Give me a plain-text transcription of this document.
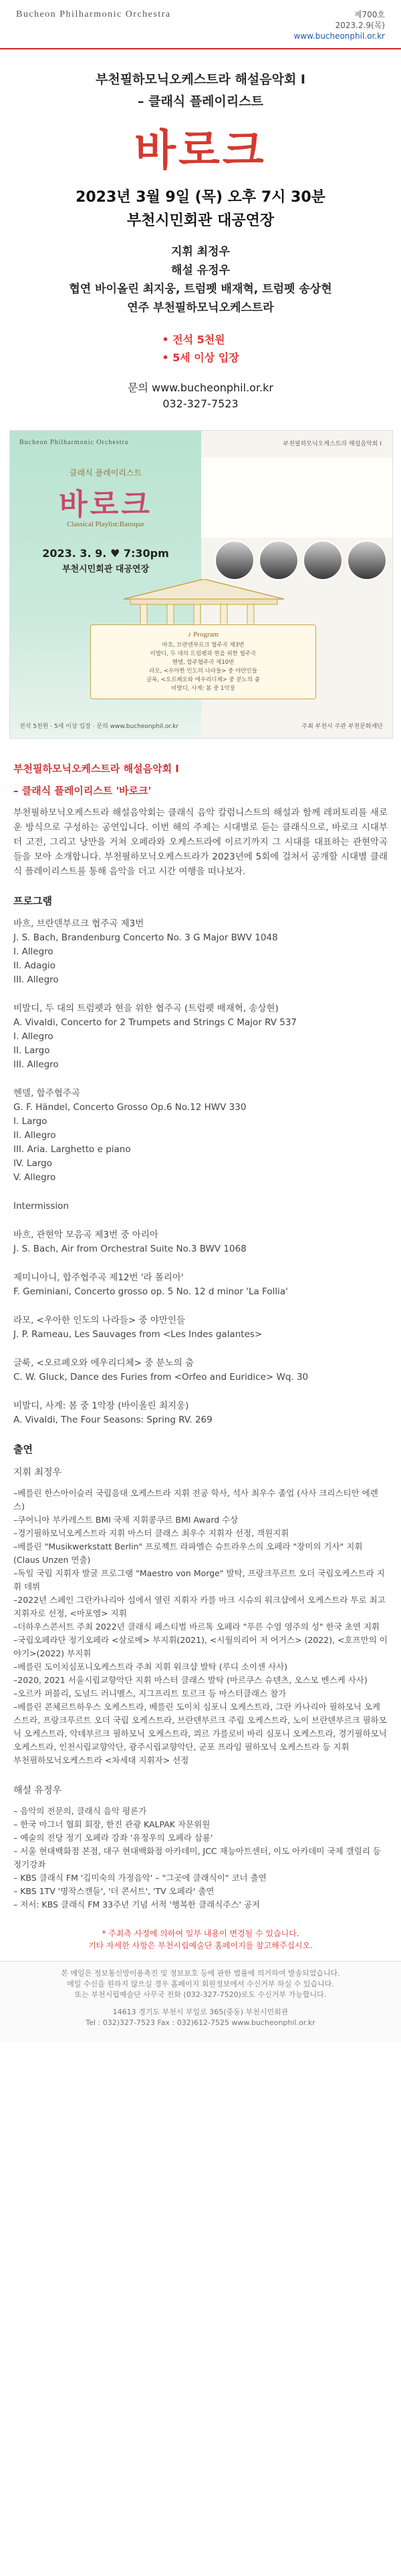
Bucheon Philharmonic Orchestra	제700호
2023.2.9(목)
www.bucheonphil.or.kr
부천필하모닉오케스트라 해설음악회 I
– 클래식 플레이리스트
바로크
2023년 3월 9일 (목) 오후 7시 30분
부천시민회관 대공연장
지휘 최정우
해설 유정우
협연 바이올린 최지웅, 트럼펫 배재혁, 트럼펫 송상현
연주 부천필하모닉오케스트라
• 전석 5천원
• 5세 이상 입장
문의 www.bucheonphil.or.kr
032-327-7523
Bucheon Philharmonic Orchestra	부천필하모닉오케스트라 해설음악회 I
클래식 플레이리스트
바로크
Classical Playlist:Baroque
2023. 3. 9. ♥ 7:30pm
부천시민회관 대공연장
♪ Program
바흐, 브란덴부르크 협주곡 제3번
비발디, 두 대의 트럼펫과 현을 위한 협주곡
헨델, 합주협주곡 제10번
라모, <우아한 인도의 나라들> 중 야만인들
글룩, <오르페오와 에우리디체> 중 분노의 춤
비발디, 사계: 봄 중 1악장
전석 5천원 · 5세 이상 입장 · 문의 www.bucheonphil.or.kr	주최 부천시 주관 부천문화재단
부천필하모닉오케스트라 해설음악회 I
– 클래식 플레이리스트 '바로크'
부천필하모닉오케스트라 해설음악회는 클래식 음악 칼럼니스트의 해설과 함께 레퍼토리를 새로운 방식으로 구성하는 공연입니다. 이번 해의 주제는 시대별로 듣는 클래식으로, 바로크 시대부터 고전, 그리고 낭만을 거쳐 오페라와 오케스트라에 이르기까지 그 시대를 대표하는 관현악곡들을 모아 소개합니다. 부천필하모닉오케스트라가 2023년에 5회에 걸쳐서 공개할 시대별 클래식 플레이리스트를 통해 음악을 더고 시간 여행을 떠나보자.
프로그램
바흐, 브란덴부르크 협주곡 제3번
J. S. Bach, Brandenburg Concerto No. 3 G Major BWV 1048
I. Allegro
II. Adagio
III. Allegro
비발디, 두 대의 트럼펫과 현을 위한 협주곡 (트럼펫 배재혁, 송상현)
A. Vivaldi, Concerto for 2 Trumpets and Strings C Major RV 537
I. Allegro
II. Largo
III. Allegro
헨델, 합주협주곡
G. F. Händel, Concerto Grosso Op.6 No.12 HWV 330
I. Largo
II. Allegro
III. Aria. Larghetto e piano
IV. Largo
V. Allegro
Intermission
바흐, 관현악 모음곡 제3번 중 아리아
J. S. Bach, Air from Orchestral Suite No.3 BWV 1068
제미니아니, 합주협주곡 제12번 '라 폴리아'
F. Geminiani, Concerto grosso op. 5 No. 12 d minor 'La Follia'
라모, <우아한 인도의 나라들> 중 야만인들
J. P. Rameau, Les Sauvages from <Les Indes galantes>
글룩, <오르페오와 에우리디체> 중 분노의 춤
C. W. Gluck, Dance des Furies from <Orfeo and Euridice> Wq. 30
비발디, 사계: 봄 중 1악장 (바이올린 최지웅)
A. Vivaldi, The Four Seasons: Spring RV. 269
출연
지휘 최정우
–베를린 한스아이슬러 국립음대 오케스트라 지휘 전공 학사, 석사 최우수 졸업 (사사 크리스티안 에렌스)
–쿠어니아 부카레스트 BMI 국제 지휘콩쿠르 BMI Award 수상
–경기필하모닉오케스트라 지휘 마스터 클래스 최우수 지휘자 선정, 객원지휘
–베를린 "Musikwerkstatt Berlin" 프로젝트 라파엘슨 슈트라우스의 오페라 "장미의 기사" 지휘(Claus Unzen 연출)
–독일 국립 지휘자 발굴 프로그램 "Maestro von Morge" 발탁, 프랑크푸르트 오더 국립오케스트라 지휘 데뷔
–2022년 스페인 그란카나리아 섬에서 열린 지휘자 카를 마크 시슈의 워크샵에서 오케스트라 투로 최고 지휘자로 선정, <마포엠> 지휘
–더하우스콘서트 주최 2022년 클래식 페스티벌 바르톡 오페라 "푸른 수염 영주의 성" 한국 초연 지휘
–국립오페라단 정기오페라 <살로메> 부지휘(2021), <시월의리어 저 어거스> (2022), <호프만의 이야기>(2022) 부지휘
–베를린 도이치심포니오케스트라 주최 지휘 워크샵 발탁 (루디 소이센 사사)
–2020, 2021 서울시립교향악단 지휘 마스터 클래스 발탁 (마르쿠스 슈텐츠, 오스모 벤스케 사사)
–오르카 퍼블리, 도널드 러니멜스, 지그프리트 토르크 등 마스터클래스 참가
–베를린 콘체르트하우스 오케스트라, 베를린 도이치 심포니 오케스트라, 그란 카나리아 필하모닉 오케스트라, 프랑크푸르트 오더 국립 오케스트라, 브란덴부르크 주립 오케스트라, 노이 브란덴부르크 필하모닉 오케스트라, 악데부르크 필하모닉 오케스트라, 쾨르 가를로비 바리 심포니 오케스트라, 경기필하모닉 오케스트라, 인천시립교향악단, 광주시립교향악단, 군포 프라임 필하모닉 오케스트라 등 지휘
부천필하모닉오케스트라 <차세대 지휘자> 선정
해설 유정우
– 음악의 전문의, 클래식 음악 평론가
– 한국 마그너 협회 회장, 한진 관광 KALPAK 자문위원
– 예술의 전당 정기 오페라 강좌 '유정우의 오페라 삼룡'
– 서울 현대백화점 본점, 대구 현대백화점 아카데미, JCC 재능아트센터, 이도 아카데미 국제 갤럴리 등 정기강좌
– KBS 클래식 FM '김미숙의 가정음악' – "그곳에 클래식이" 코너 출연
– KBS 1TV '명작스캔들', '더 콘서트', 'TV 오페라' 출연
– 저서: KBS 클래식 FM 33주년 기념 서적 '행복한 클래식주스' 공저
* 주최측 사정에 의하여 일부 내용이 변경될 수 있습니다.
기타 자세한 사항은 부천시립예술단 홈페이지를 참고해주십시오.
본 메일은 정보통신망이용촉진 및 정보보호 등에 관한 법률에 의거하여 발송되었습니다.
메일 수신을 원하지 않으실 경우 홈페이지 회원정보에서 수신거부 하실 수 있습니다.
또는 부천시립예술단 사무국 전화 (032-327-7520)로도 수신거부 가능합니다.
14613 경기도 부천시 부일로 365(중동) 부천시민회관
Tel : 032)327-7523 Fax : 032)612-7525 www.bucheonphil.or.kr
